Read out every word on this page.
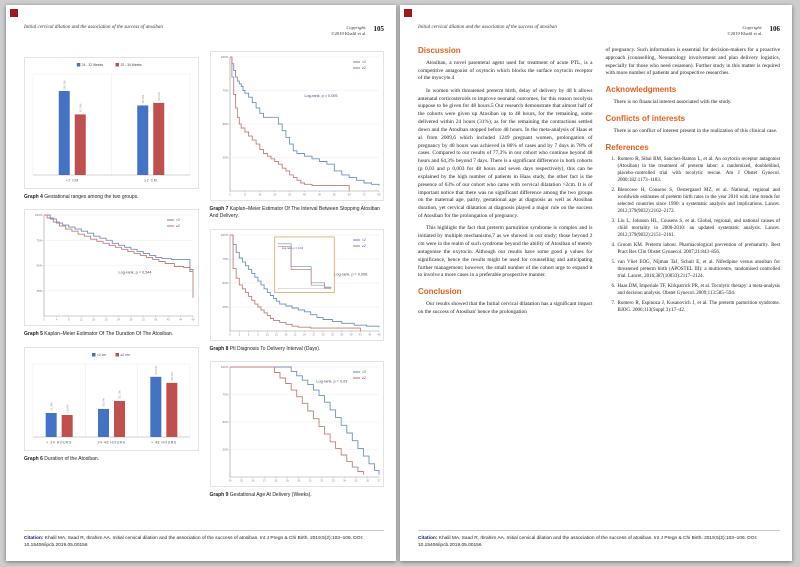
Initial cervical dilation and the association of the success of atosiban	Copyright:
©2019 Khalil et al.
105
58.2%
42.0%
<2 CM
48.2%	50.0%
≥2 CM
24 - 32 Weeks	32 - 34 Weeks
Graph 4 Gestational ranges among the two groups.
100%
75%
50%
25%
0	4	8	12	16	20	24	28	32	36	40	44	48
<2
≥2
Log-rank, p = 0,544
Graph 5 Kaplan–Meier Estimator Of The Duration Of The Atosiban.
21.4%	19.6%
< 24 HOURS
25.0%
32.1%
24-48 HOURS
53.6%
48.2%
> 48 HOURS
<2 cm	≥2 cm
Graph 6 Duration of the Atosiban.
100%
75%
50%
25%
0	8	16	24	32	40	48	56	64	72	80
<2
≥2
Log-rank, p = 0,005
Graph 7 Kaplan–Meier Estimator Of The Interval Between Stopping Atosiban And Delivery.
100%
75%
50%
25%
0	3	6	9	12 15 18 21 24 27 30 33 36 39 42 45 48
<2
≥2
Log-rank, p = 0,008
Log-rank, p = 0,04
Graph 8 Ptl Diagnosis To Delivery Interval (Days).
100%
75%
50%
25%
24	25	26	27	28	29	30	31	32	33	34	35	36	37
<2
≥2
Log-rank, p = 0,03
Graph 9 Gestational Age At Delivery (Weeks).
Citation: Khalil MA, Saad R, Ibrahim AA. Initial cervical dilation and the association of the success of atosiban. Int J Pregn & Chi Birth. 2019;5(2):103‒106. DOI: 10.15406/ipcb.2019.05.00156
Initial cervical dilation and the association of the success of atosiban	Copyright:
©2019 Khalil et al.
106
Discussion

Atosiban, a novel parenteral agent used for treatment of acute PTL, is a competitive antagonist of oxytocin which blocks the surface oxytocin receptor of the myocyte.4

In women with threatened preterm birth, delay of delivery by 48 h allows antenatal corticosteroids to improve neonatal outcomes, for this reason tocolysis suppose to be given for 48 hours.5 Our research demonstrate that almost half of the cohorts were given up Atosiban up to 48 hours, for the remaining, some delivered within 24 hours (31%), as for the remaining the contractions settled down and the Atosiban stopped before 48 hours. In the meta-analysis of Haas et al. from 2009,6 which included 1249 pregnant women, prolongation of pregnancy by 48 hours was achieved in 86% of cases and by 7 days in 78% of cases. Compared to our results of 77,3% in our cohort who continue beyond 48 hours and 64,3% beyond 7 days. There is a significant difference in both cohorts (p 0,03 and p 0,003 for 48 hours and seven days respectively), this can be explained by the high number of patients in Haas study, the other fact is the presence of 63% of our cohort who came with cervical dilatation >2cm. It is of important notice that there was no significant difference among the two groups on the maternal age, parity, gestational age at diagnosis as well as Atosiban duration, yet cervical dilatation at diagnosis played a major rule on the success of Atosiban for the prolongation of pregnancy.

This highlight the fact that preterm parturition syndrome is complex and is initiated by multiple mechanisms,7 as we showed in our study; those beyond 2 cm were in the realm of such syndrome beyond the ability of Atosiban of merely antagonise the oxytocin. Although our results have some good p values for significance, hence the results might be used for counselling and anticipating further management; however, the small number of the cohort urge to expand it to involve a more cases in a preferable prospective manner.

Conclusion

Our results showed that the Initial cervical dilatation has a significant impact on the success of Atosiban' hence the prolongation

of pregnancy. Such information is essential for decision-makers for a proactive approach (counselling, Neonatology involvement and plan delivery logistics, especially for those who need cesarean). Further study in this matter is required with more number of patients and prospective researches.

Acknowledgments

There is no financial interest associated with the study.

Conflicts of interests

There is no conflict of interest present in the realization of this clinical case.

References
1. Romero R, Sibai BM, Sanchez-Ramos L, et al. An oxytocin receptor antagonist (Atosiban) in the treatment of preterm labor: a randomized, doubleblind, placebo-controlled trial with tocolytic rescue. Am J Obstet Gynecol. 2000;182:1173–1183.
2. Blencowe H, Cousens S, Oestergaard MZ, et al. National, regional and worldwide estimates of preterm birth rates in the year 2010 with time trends for selected countries since 1990: a systematic analysis and implications. Lancet. 2012;379(9832):2162–2172.
3. Liu L, Johnson HL, Cousens S, et al. Global, regional, and national causes of child mortality in 2000-2010: an updated systematic analysis. Lancet. 2012;379(9832):2151–2161.
4. Groom KM. Preterm labour. Pharmacological prevention of prematurity. Best Pract Res Clin Obstet Gynaecol. 2007;21:843–856.
5. van Vliet EOG, Nijman TaJ, Schuit E, et al. Nifedipine versus atosiban for threatened preterm birth (APOSTEL III): a multicentre, randomised controlled trial. Lancet, 2016;387(10033):2117–2124.
6. Haas DM, Imperiale TF, Kirkpatrick PR, et al. Tocolytic therapy: a meta-analysis and decision analysis. Obstet Gynecol. 2009;113:585–594.
7. Romero R, Espinoza J, Kusanovich J, et al. The preterm parturition syndrome. BJOG. 2006;113(Suppl 3):17–42.
Citation: Khalil MA, Saad R, Ibrahim AA. Initial cervical dilation and the association of the success of atosiban. Int J Pregn & Chi Birth. 2019;5(2):103‒106. DOI: 10.15406/ipcb.2019.05.00156
